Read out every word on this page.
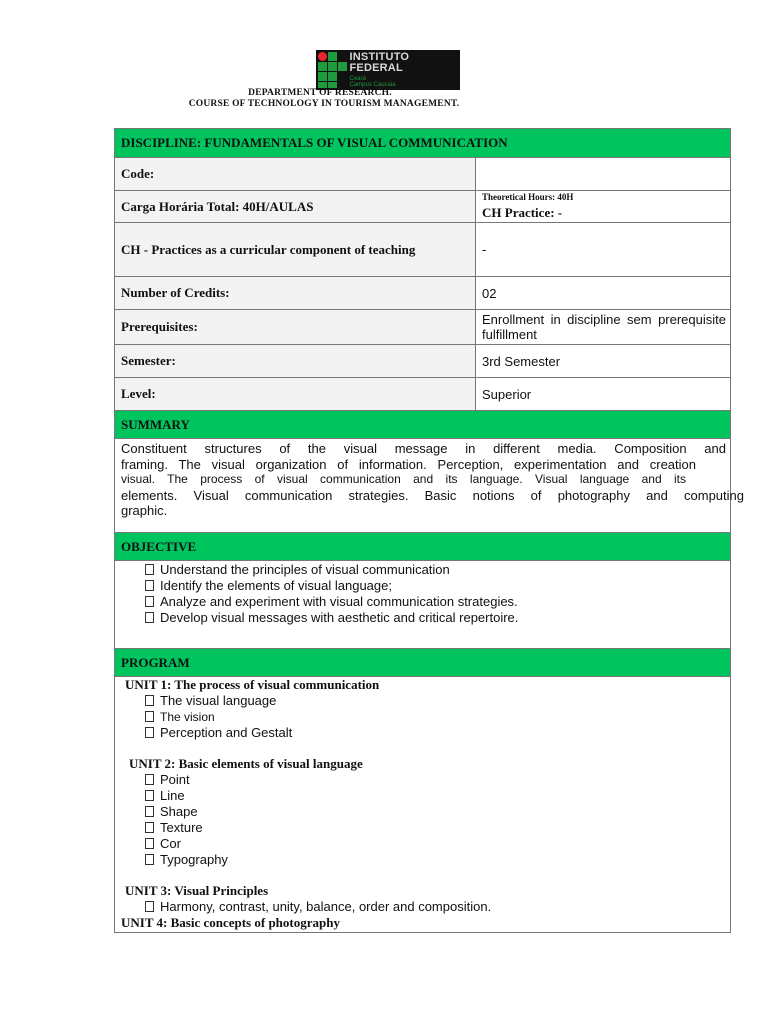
INSTITUTO FEDERAL
Ceará
Campus Caucaia
DEPARTMENT OF RESEARCH.
COURSE OF TECHNOLOGY IN TOURISM MANAGEMENT.
DISCIPLINE: FUNDAMENTALS OF VISUAL COMMUNICATION
Code:
Carga Horária Total: 40H/AULAS
Theoretical Hours: 40H
CH Practice: -
CH - Practices as a curricular component of teaching	-
Number of Credits:	02
Prerequisites:	Enrollment in discipline sem prerequisite fulfillment
Semester:	3rd Semester
Level:	Superior
SUMMARY
Constituent structures of the visual message in different media. Composition and
framing. The visual organization of information. Perception, experimentation and creation
visual. The process of visual communication and its language. Visual language and its
elements. Visual communication strategies. Basic notions of photography and computing
graphic.
OBJECTIVE
Understand the principles of visual communication
Identify the elements of visual language;
Analyze and experiment with visual communication strategies.
Develop visual messages with aesthetic and critical repertoire.
PROGRAM
UNIT 1: The process of visual communication
The visual language
The vision
Perception and Gestalt
UNIT 2: Basic elements of visual language
Point
Line
Shape
Texture
Cor
Typography
UNIT 3: Visual Principles
Harmony, contrast, unity, balance, order and composition.
UNIT 4: Basic concepts of photography
